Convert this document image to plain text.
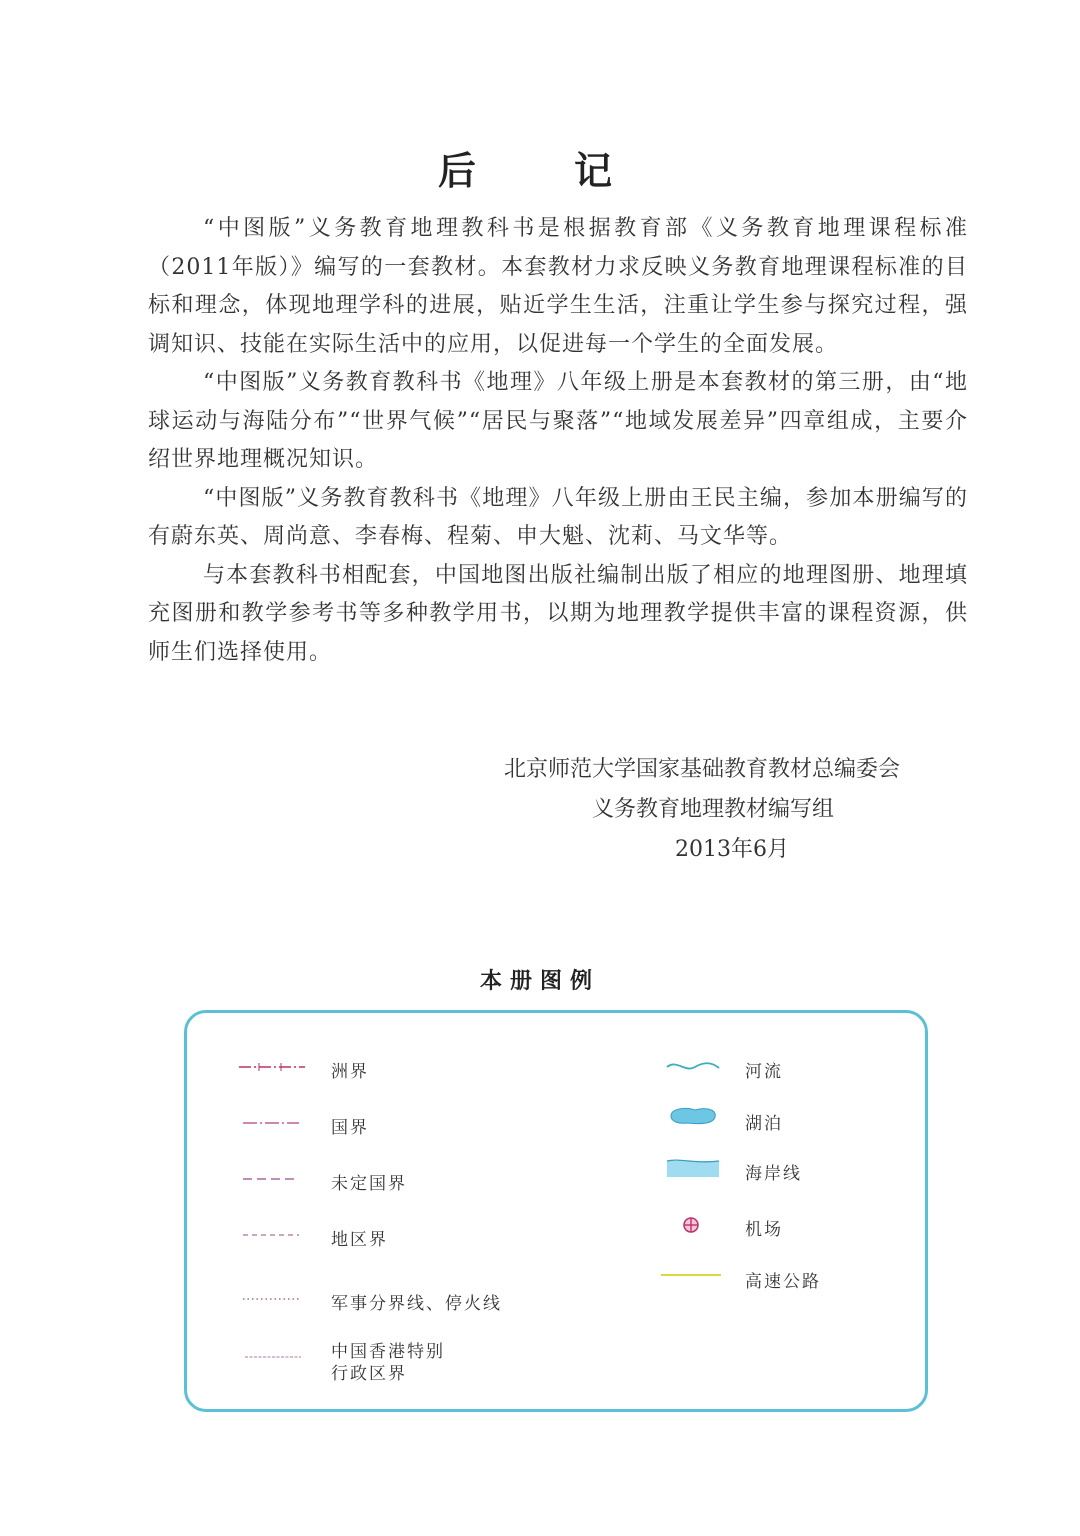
后　记

“中图版”义务教育地理教科书是根据教育部《义务教育地理课程标准（2011年版）》编写的一套教材。本套教材力求反映义务教育地理课程标准的目标和理念，体现地理学科的进展，贴近学生生活，注重让学生参与探究过程，强调知识、技能在实际生活中的应用，以促进每一个学生的全面发展。

“中图版”义务教育教科书《地理》八年级上册是本套教材的第三册，由“地球运动与海陆分布”“世界气候”“居民与聚落”“地域发展差异”四章组成，主要介绍世界地理概况知识。

“中图版”义务教育教科书《地理》八年级上册由王民主编，参加本册编写的有蔚东英、周尚意、李春梅、程菊、申大魁、沈莉、马文华等。

与本套教科书相配套，中国地图出版社编制出版了相应的地理图册、地理填充图册和教学参考书等多种教学用书，以期为地理教学提供丰富的课程资源，供师生们选择使用。

北京师范大学国家基础教育教材总编委会
义务教育地理教材编写组
2013年6月
本册图例
洲界
国界
未定国界
地区界
军事分界线、停火线
中国香港特别
行政区界
河流
湖泊
海岸线
机场
高速公路
